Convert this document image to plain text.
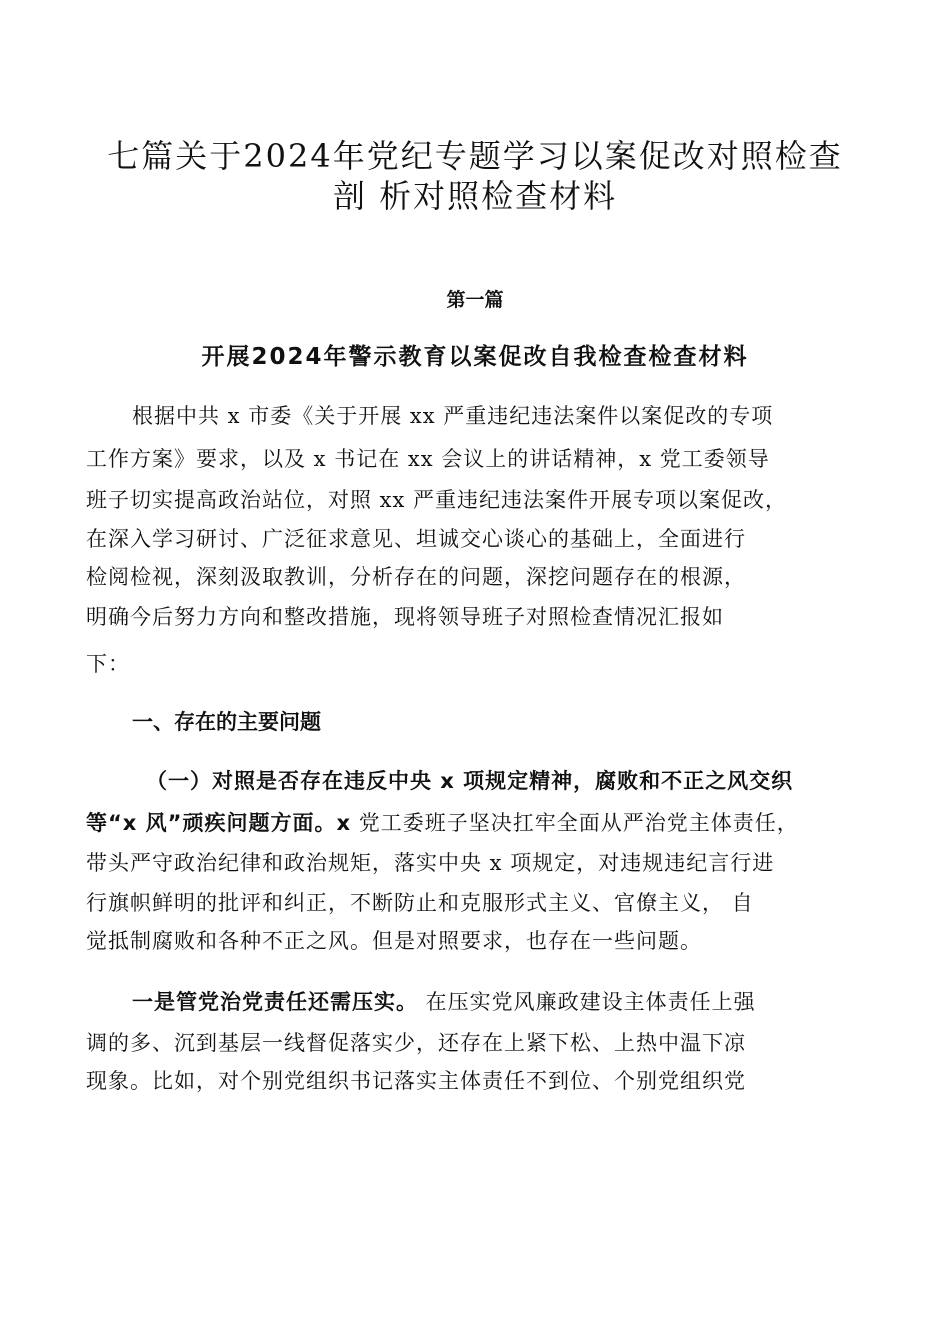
七篇关于2024年党纪专题学习以案促改对照检查
剖 析对照检查材料
第一篇
开展2024年警示教育以案促改自我检查检查材料
根据中共 x 市委《关于开展 xx 严重违纪违法案件以案促改的专项
工作方案》要求，以及 x 书记在 xx 会议上的讲话精神，x 党工委领导
班子切实提高政治站位，对照 xx 严重违纪违法案件开展专项以案促改，
在深入学习研讨、广泛征求意见、坦诚交心谈心的基础上，全面进行
检阅检视，深刻汲取教训，分析存在的问题，深挖问题存在的根源，
明确今后努力方向和整改措施，现将领导班子对照检查情况汇报如
下：
一、存在的主要问题
（一）对照是否存在违反中央 x 项规定精神，腐败和不正之风交织
等“x 风”顽疾问题方面。x 党工委班子坚决扛牢全面从严治党主体责任，
带头严守政治纪律和政治规矩，落实中央 x 项规定，对违规违纪言行进
行旗帜鲜明的批评和纠正，不断防止和克服形式主义、官僚主义， 自
觉抵制腐败和各种不正之风。但是对照要求，也存在一些问题。
一是管党治党责任还需压实。 在压实党风廉政建设主体责任上强
调的多、沉到基层一线督促落实少，还存在上紧下松、上热中温下凉
现象。比如，对个别党组织书记落实主体责任不到位、个别党组织党
